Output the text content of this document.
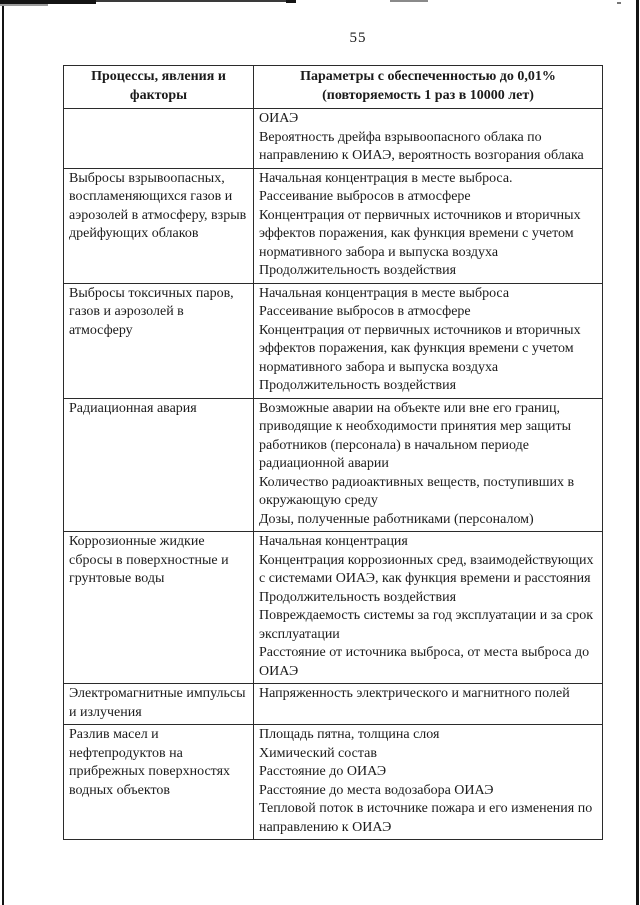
55
Процессы, явления и факторы	Параметры с обеспеченностью до 0,01% (повторяемость 1 раз в 10000 лет)

	ОИАЭ
Вероятность дрейфа взрывоопасного облака по направлению к ОИАЭ, вероятность возгорания облака

Выбросы взрывоопасных, воспламеняющихся газов и аэрозолей в атмосферу, взрыв дрейфующих облаков	Начальная концентрация в месте выброса.
Рассеивание выбросов в атмосфере
Концентрация от первичных источников и вторичных эффектов поражения, как функция времени с учетом нормативного забора и выпуска воздуха
Продолжительность воздействия

Выбросы токсичных паров, газов и аэрозолей в атмосферу	Начальная концентрация в месте выброса
Рассеивание выбросов в атмосфере
Концентрация от первичных источников и вторичных эффектов поражения, как функция времени с учетом нормативного забора и выпуска воздуха
Продолжительность воздействия

Радиационная авария	Возможные аварии на объекте или вне его границ, приводящие к необходимости принятия мер защиты работников (персонала) в начальном периоде радиационной аварии
Количество радиоактивных веществ, поступивших в окружающую среду
Дозы, полученные работниками (персоналом)

Коррозионные жидкие сбросы в поверхностные и грунтовые воды	Начальная концентрация
Концентрация коррозионных сред, взаимодействующих с системами ОИАЭ, как функция времени и расстояния
Продолжительность воздействия
Повреждаемость системы за год эксплуатации и за срок эксплуатации
Расстояние от источника выброса, от места выброса до ОИАЭ

Электромагнитные импульсы и излучения	Напряженность электрического и магнитного полей

Разлив масел и нефтепродуктов на прибрежных поверхностях водных объектов	Площадь пятна, толщина слоя
Химический состав
Расстояние до ОИАЭ
Расстояние до места водозабора ОИАЭ
Тепловой поток в источнике пожара и его изменения по направлению к ОИАЭ
